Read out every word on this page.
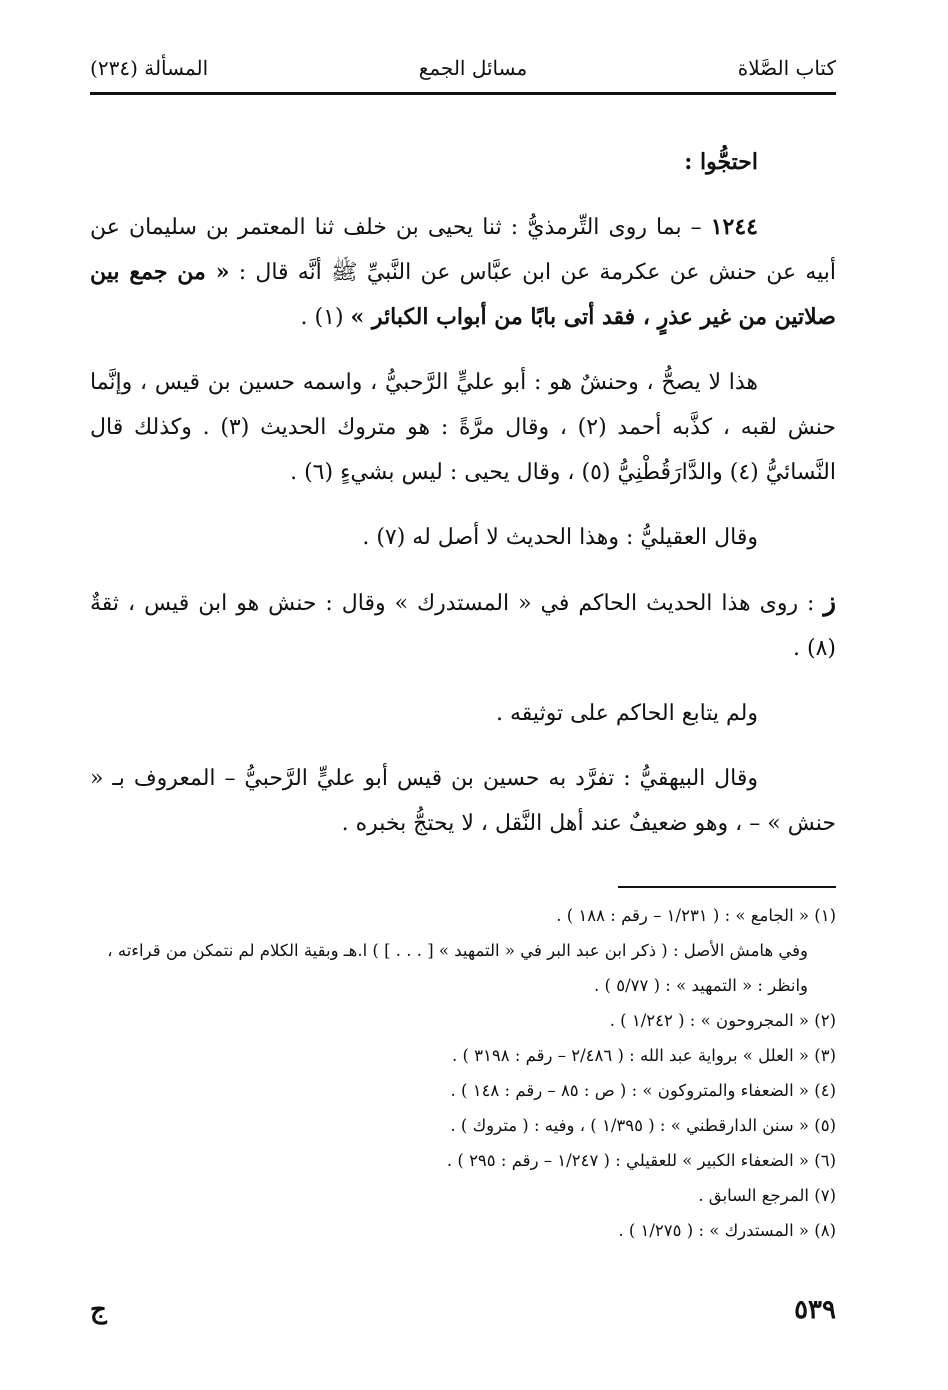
كتاب الصَّلاة
مسائل الجمع
المسألة (٢٣٤)

احتجُّوا :

١٢٤٤ – بما روى التِّرمذيُّ : ثنا يحيى بن خلف ثنا المعتمر بن سليمان عن أبيه عن حنش عن عكرمة عن ابن عبَّاس عن النَّبيِّ ﷺ أنَّه قال : « من جمع بين صلاتين من غير عذرٍ ، فقد أتى بابًا من أبواب الكبائر » (١) .

هذا لا يصحُّ ، وحنشٌ هو : أبو عليٍّ الرَّحبيُّ ، واسمه حسين بن قيس ، وإنَّما حنش لقبه ، كذَّبه أحمد (٢) ، وقال مرَّةً : هو متروك الحديث (٣) . وكذلك قال النَّسائيُّ (٤) والدَّارَقُطْنِيُّ (٥) ، وقال يحيى : ليس بشيءٍ (٦) .

وقال العقيليُّ : وهذا الحديث لا أصل له (٧) .

ز : روى هذا الحديث الحاكم في « المستدرك » وقال : حنش هو ابن قيس ، ثقةٌ (٨) .

ولم يتابع الحاكم على توثيقه .

وقال البيهقيُّ : تفرَّد به حسين بن قيس أبو عليٍّ الرَّحبيُّ – المعروف بـ « حنش » – ، وهو ضعيفٌ عند أهل النَّقل ، لا يحتجُّ بخبره .

(١) « الجامع » : ( ١/٢٣١ – رقم : ١٨٨ ) .

وفي هامش الأصل : ( ذكر ابن عبد البر في « التمهيد » [ . . . ] ) ا.هـ وبقية الكلام لم نتمكن من قراءته ، وانظر : « التمهيد » : ( ٥/٧٧ ) .

(٢) « المجروحون » : ( ١/٢٤٢ ) .

(٣) « العلل » برواية عبد الله : ( ٢/٤٨٦ – رقم : ٣١٩٨ ) .

(٤) « الضعفاء والمتروكون » : ( ص : ٨٥ – رقم : ١٤٨ ) .

(٥) « سنن الدارقطني » : ( ١/٣٩٥ ) ، وفيه : ( متروك ) .

(٦) « الضعفاء الكبير » للعقيلي : ( ١/٢٤٧ – رقم : ٢٩٥ ) .

(٧) المرجع السابق .

(٨) « المستدرك » : ( ١/٢٧٥ ) .

٥٣٩
ج
